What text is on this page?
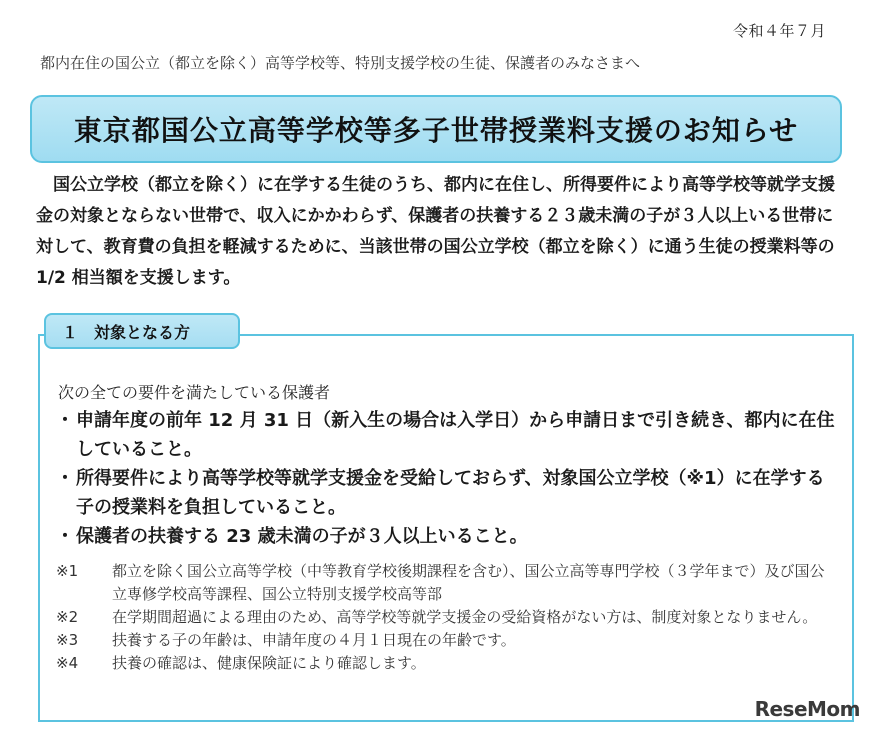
令和４年７月
都内在住の国公立（都立を除く）高等学校等、特別支援学校の生徒、保護者のみなさまへ
東京都国公立高等学校等多子世帯授業料支援のお知らせ

国公立学校（都立を除く）に在学する生徒のうち、都内に在住し、所得要件により高等学校等就学支援金の対象とならない世帯で、収入にかかわらず、保護者の扶養する２３歳未満の子が３人以上いる世帯に対して、教育費の負担を軽減するために、当該世帯の国公立学校（都立を除く）に通う生徒の授業料等の 1/2 相当額を支援します。

１　対象となる方
次の全ての要件を満たしている保護者
・ 申請年度の前年 12 月 31 日（新入生の場合は入学日）から申請日まで引き続き、都内に在住していること。
・ 所得要件により高等学校等就学支援金を受給しておらず、対象国公立学校（※1）に在学する子の授業料を負担していること。
・ 保護者の扶養する 23 歳未満の子が３人以上いること。
※1 都立を除く国公立高等学校（中等教育学校後期課程を含む）、国公立高等専門学校（３学年まで）及び国公立専修学校高等課程、国公立特別支援学校高等部
※2 在学期間超過による理由のため、高等学校等就学支援金の受給資格がない方は、制度対象となりません。
※3 扶養する子の年齢は、申請年度の４月１日現在の年齢です。
※4 扶養の確認は、健康保険証により確認します。
ReseMom
